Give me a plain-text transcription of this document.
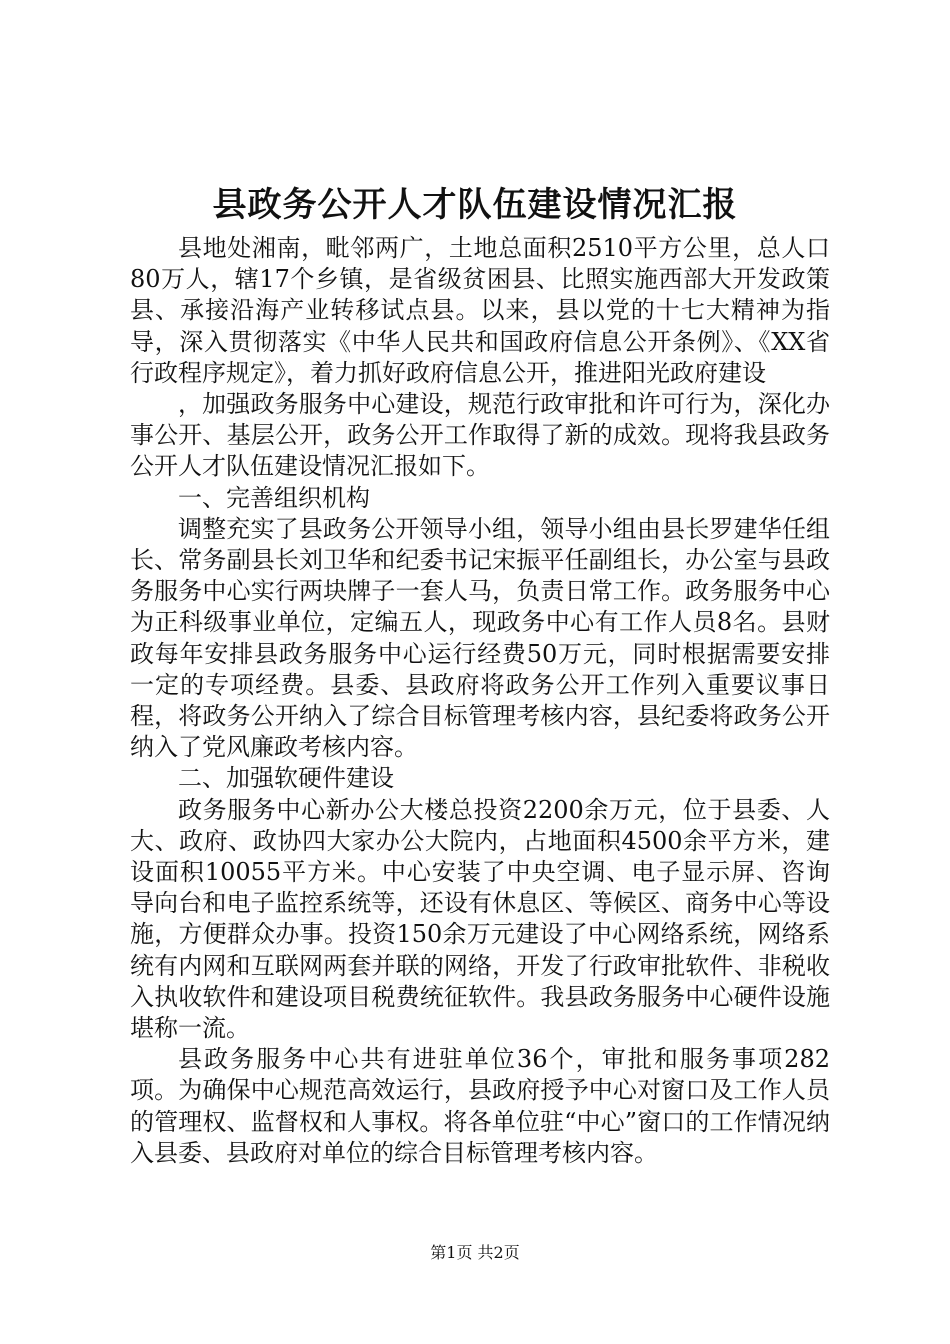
县政务公开人才队伍建设情况汇报

县地处湘南，毗邻两广，土地总面积2510平方公里，总人口80万人，辖17个乡镇，是省级贫困县、比照实施西部大开发政策县、承接沿海产业转移试点县。以来，县以党的十七大精神为指导，深入贯彻落实《中华人民共和国政府信息公开条例》、《XX省行政程序规定》，着力抓好政府信息公开，推进阳光政府建设

，加强政务服务中心建设，规范行政审批和许可行为，深化办事公开、基层公开，政务公开工作取得了新的成效。现将我县政务公开人才队伍建设情况汇报如下。

一、完善组织机构

调整充实了县政务公开领导小组，领导小组由县长罗建华任组长、常务副县长刘卫华和纪委书记宋振平任副组长，办公室与县政务服务中心实行两块牌子一套人马，负责日常工作。政务服务中心为正科级事业单位，定编五人，现政务中心有工作人员8名。县财政每年安排县政务服务中心运行经费50万元，同时根据需要安排一定的专项经费。县委、县政府将政务公开工作列入重要议事日程，将政务公开纳入了综合目标管理考核内容，县纪委将政务公开纳入了党风廉政考核内容。

二、加强软硬件建设

政务服务中心新办公大楼总投资2200余万元，位于县委、人大、政府、政协四大家办公大院内，占地面积4500余平方米，建设面积10055平方米。中心安装了中央空调、电子显示屏、咨询导向台和电子监控系统等，还设有休息区、等候区、商务中心等设施，方便群众办事。投资150余万元建设了中心网络系统，网络系统有内网和互联网两套并联的网络，开发了行政审批软件、非税收入执收软件和建设项目税费统征软件。我县政务服务中心硬件设施堪称一流。

县政务服务中心共有进驻单位36个，审批和服务事项282项。为确保中心规范高效运行，县政府授予中心对窗口及工作人员的管理权、监督权和人事权。将各单位驻“中心”窗口的工作情况纳入县委、县政府对单位的综合目标管理考核内容。

第1页 共2页
